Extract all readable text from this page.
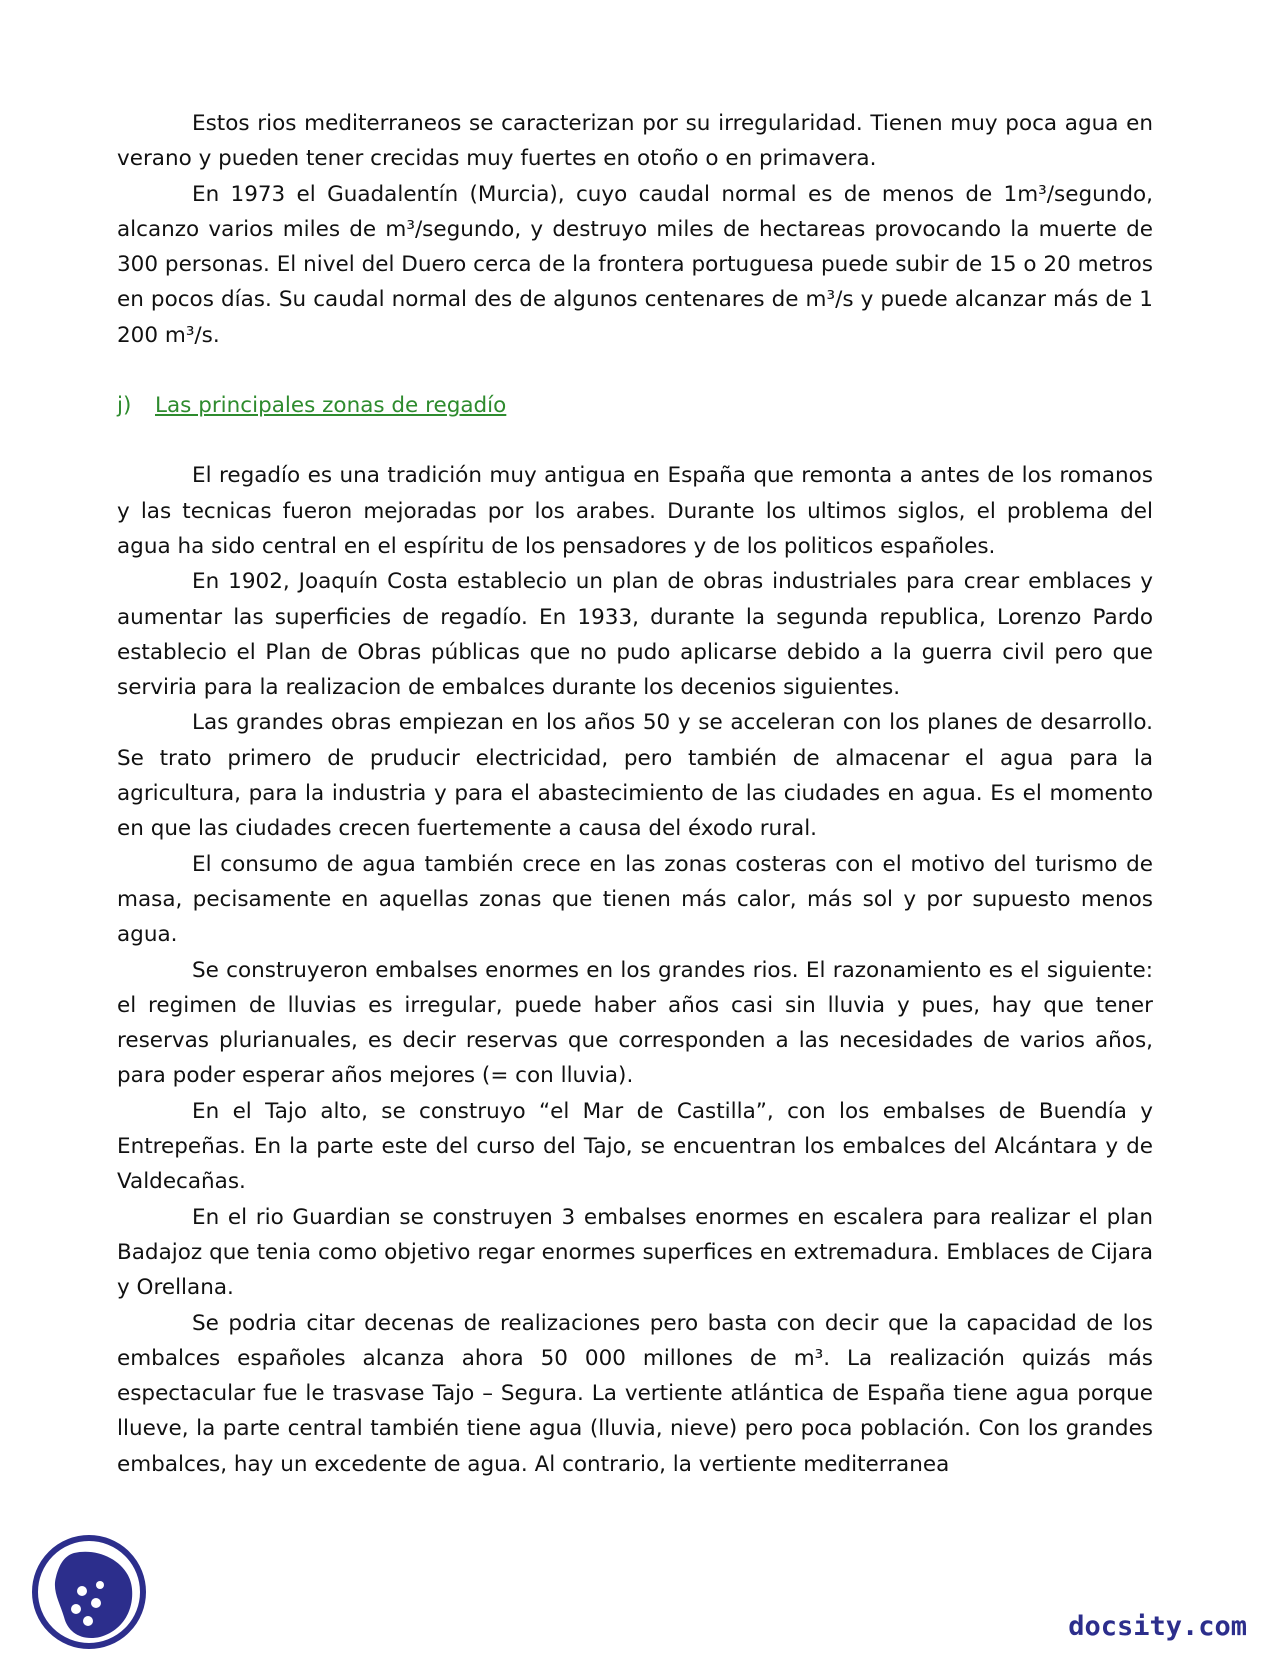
Estos rios mediterraneos se caracterizan por su irregularidad. Tienen muy poca agua en verano y pueden tener crecidas muy fuertes en otoño o en primavera.

En 1973 el Guadalentín (Murcia), cuyo caudal normal es de menos de 1m³/segundo, alcanzo varios miles de m³/segundo, y destruyo miles de hectareas provocando la muerte de 300 personas. El nivel del Duero cerca de la frontera portuguesa puede subir de 15 o 20 metros en pocos días. Su caudal normal des de algunos centenares de m³/s y puede alcanzar más de 1 200 m³/s.

j) Las principales zonas de regadío

El regadío es una tradición muy antigua en España que remonta a antes de los romanos y las tecnicas fueron mejoradas por los arabes. Durante los ultimos siglos, el problema del agua ha sido central en el espíritu de los pensadores y de los politicos españoles.

En 1902, Joaquín Costa establecio un plan de obras industriales para crear emblaces y aumentar las superficies de regadío. En 1933, durante la segunda republica, Lorenzo Pardo establecio el Plan de Obras públicas que no pudo aplicarse debido a la guerra civil pero que serviria para la realizacion de embalces durante los decenios siguientes.

Las grandes obras empiezan en los años 50 y se acceleran con los planes de desarrollo. Se trato primero de pruducir electricidad, pero también de almacenar el agua para la agricultura, para la industria y para el abastecimiento de las ciudades en agua. Es el momento en que las ciudades crecen fuertemente a causa del éxodo rural.

El consumo de agua también crece en las zonas costeras con el motivo del turismo de masa, pecisamente en aquellas zonas que tienen más calor, más sol y por supuesto menos agua.

Se construyeron embalses enormes en los grandes rios. El razonamiento es el siguiente: el regimen de lluvias es irregular, puede haber años casi sin lluvia y pues, hay que tener reservas plurianuales, es decir reservas que corresponden a las necesidades de varios años, para poder esperar años mejores (= con lluvia).

En el Tajo alto, se construyo “el Mar de Castilla”, con los embalses de Buendía y Entrepeñas. En la parte este del curso del Tajo, se encuentran los embalces del Alcántara y de Valdecañas.

En el rio Guardian se construyen 3 embalses enormes en escalera para realizar el plan Badajoz que tenia como objetivo regar enormes superfices en extremadura. Emblaces de Cijara y Orellana.

Se podria citar decenas de realizaciones pero basta con decir que la capacidad de los embalces españoles alcanza ahora 50 000 millones de m³. La realización quizás más espectacular fue le trasvase Tajo – Segura. La vertiente atlántica de España tiene agua porque llueve, la parte central también tiene agua (lluvia, nieve) pero poca población. Con los grandes embalces, hay un excedente de agua. Al contrario, la vertiente mediterranea

docsity.com
